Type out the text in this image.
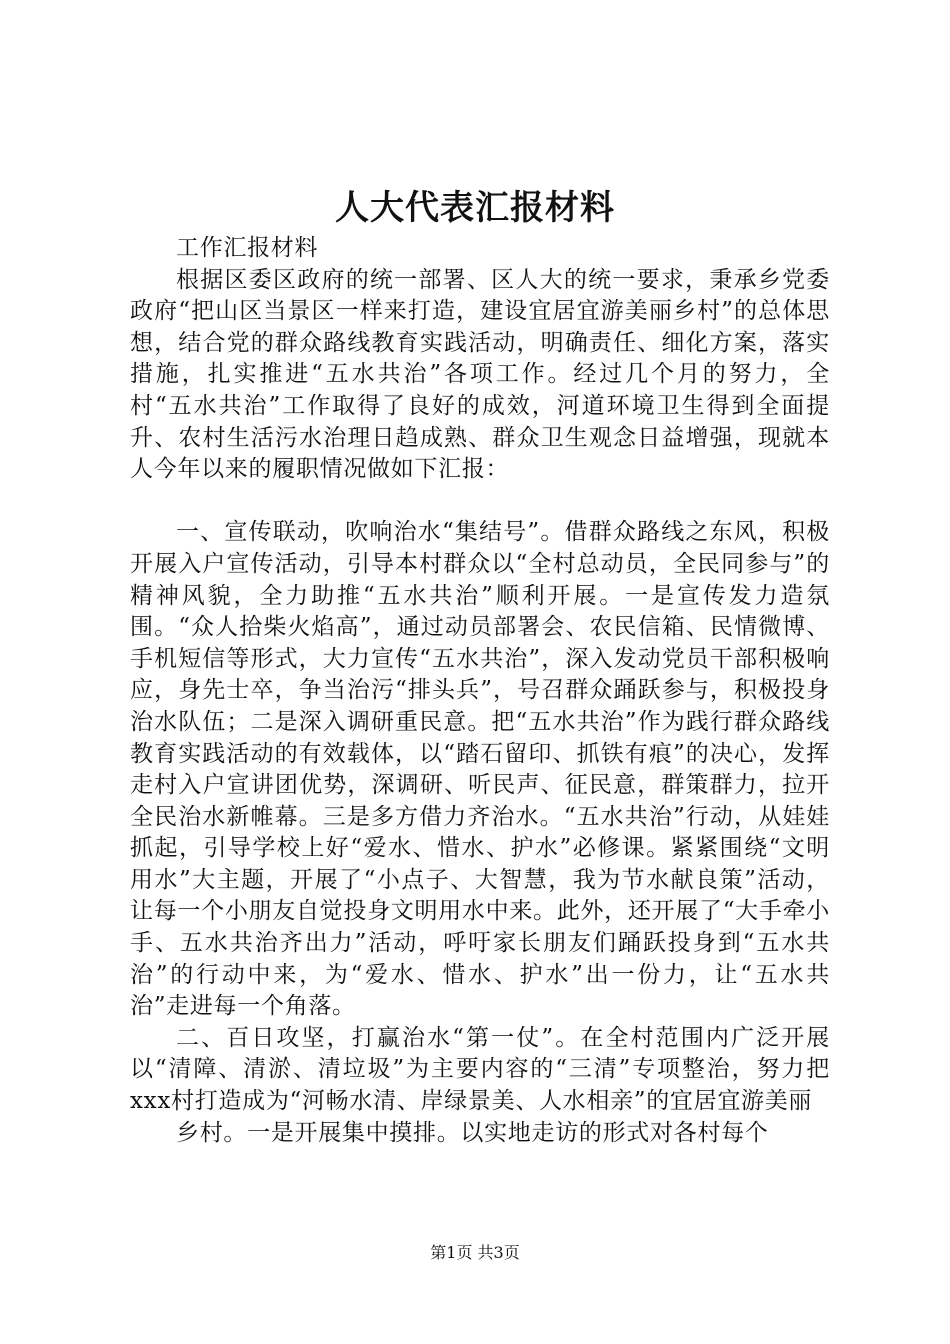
人大代表汇报材料

工作汇报材料

根据区委区政府的统一部署、区人大的统一要求，秉承乡党委政府“把山区当景区一样来打造，建设宜居宜游美丽乡村”的总体思想，结合党的群众路线教育实践活动，明确责任、细化方案，落实措施，扎实推进“五水共治”各项工作。经过几个月的努力，全村“五水共治”工作取得了良好的成效，河道环境卫生得到全面提升、农村生活污水治理日趋成熟、群众卫生观念日益增强，现就本人今年以来的履职情况做如下汇报：

一、宣传联动，吹响治水“集结号”。借群众路线之东风，积极开展入户宣传活动，引导本村群众以“全村总动员，全民同参与”的精神风貌，全力助推“五水共治”顺利开展。一是宣传发力造氛围。“众人拾柴火焰高”，通过动员部署会、农民信箱、民情微博、手机短信等形式，大力宣传“五水共治”，深入发动党员干部积极响应，身先士卒，争当治污“排头兵”，号召群众踊跃参与，积极投身治水队伍；二是深入调研重民意。把“五水共治”作为践行群众路线教育实践活动的有效载体，以“踏石留印、抓铁有痕”的决心，发挥走村入户宣讲团优势，深调研、听民声、征民意，群策群力，拉开全民治水新帷幕。三是多方借力齐治水。“五水共治”行动，从娃娃抓起，引导学校上好“爱水、惜水、护水”必修课。紧紧围绕“文明用水”大主题，开展了“小点子、大智慧，我为节水献良策”活动，让每一个小朋友自觉投身文明用水中来。此外，还开展了“大手牵小手、五水共治齐出力”活动，呼吁家长朋友们踊跃投身到“五水共治”的行动中来，为“爱水、惜水、护水”出一份力，让“五水共治”走进每一个角落。

二、百日攻坚，打赢治水“第一仗”。在全村范围内广泛开展以“清障、清淤、清垃圾”为主要内容的“三清”专项整治，努力把xxx村打造成为“河畅水清、岸绿景美、人水相亲”的宜居宜游美丽

乡村。一是开展集中摸排。以实地走访的形式对各村每个

第1页 共3页
